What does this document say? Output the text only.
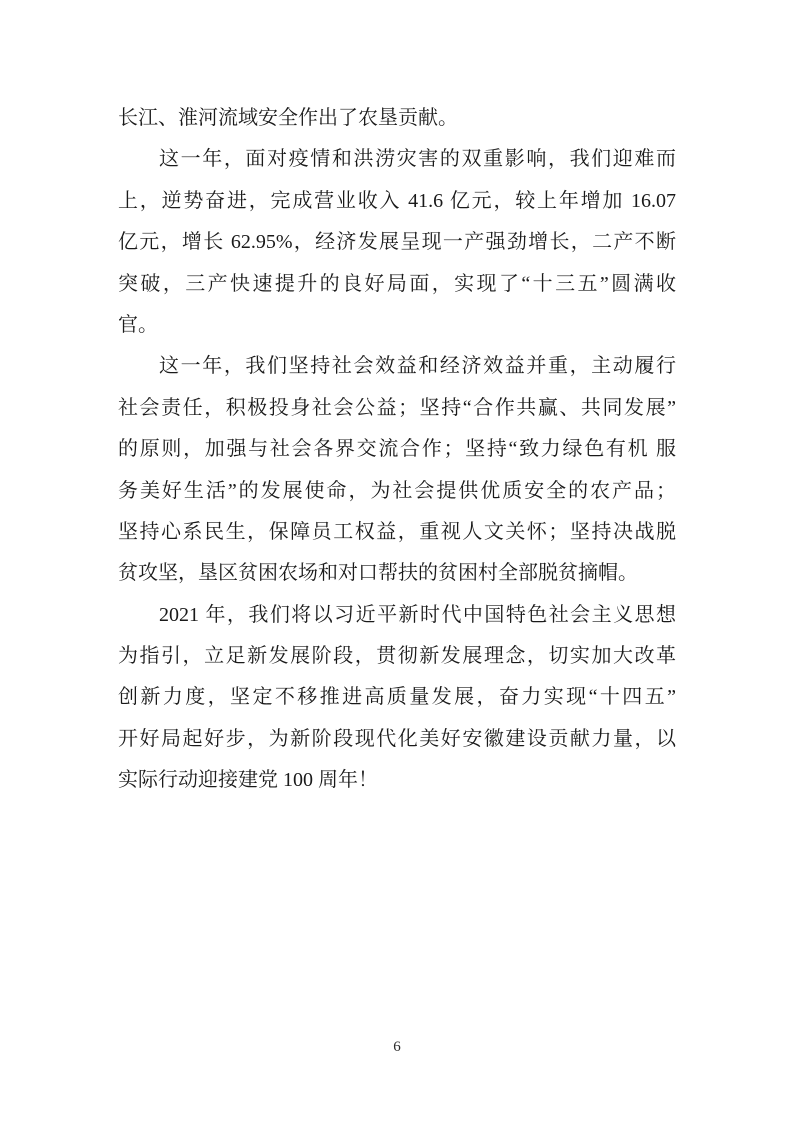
长江、淮河流域安全作出了农垦贡献。
这一年，面对疫情和洪涝灾害的双重影响，我们迎难而
上，逆势奋进，完成营业收入 41.6 亿元，较上年增加 16.07
亿元，增长 62.95%，经济发展呈现一产强劲增长，二产不断
突破，三产快速提升的良好局面，实现了“十三五”圆满收
官。
这一年，我们坚持社会效益和经济效益并重，主动履行
社会责任，积极投身社会公益；坚持“合作共赢、共同发展”
的原则，加强与社会各界交流合作；坚持“致力绿色有机 服
务美好生活”的发展使命，为社会提供优质安全的农产品；
坚持心系民生，保障员工权益，重视人文关怀；坚持决战脱
贫攻坚，垦区贫困农场和对口帮扶的贫困村全部脱贫摘帽。
2021 年，我们将以习近平新时代中国特色社会主义思想
为指引，立足新发展阶段，贯彻新发展理念，切实加大改革
创新力度，坚定不移推进高质量发展，奋力实现“十四五”
开好局起好步，为新阶段现代化美好安徽建设贡献力量，以
实际行动迎接建党 100 周年！
6
